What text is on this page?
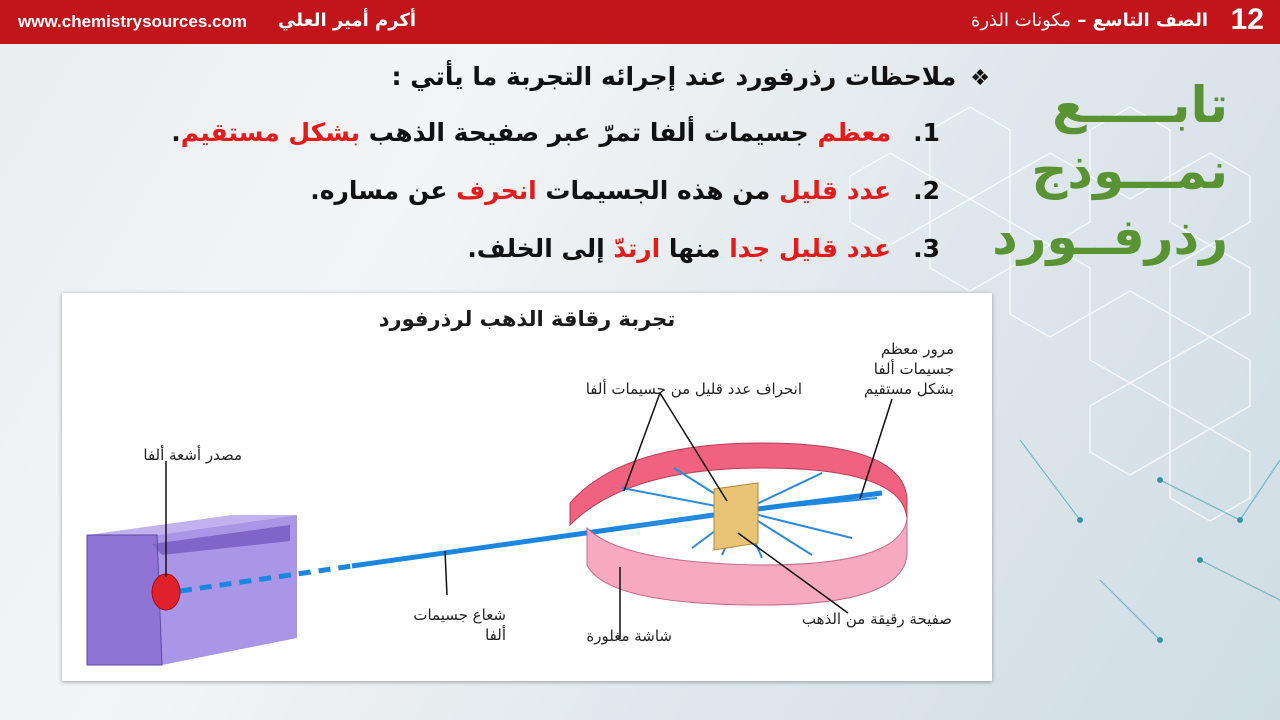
12
الصف التاسع – مكونات الذرة
أكرم أمير العلي
www.chemistrysources.com
تابـــــع
نمـــوذج
رذرفــورد
❖ملاحظات رذرفورد عند إجرائه التجربة ما يأتي :
1.معظم جسيمات ألفا تمرّ عبر صفيحة الذهب بشكل مستقيم.
2.عدد قليل من هذه الجسيمات انحرف عن مساره.
3.عدد قليل جدا منها ارتدّ إلى الخلف.
تجربة رقاقة الذهب لرذرفورد
مصدر أشعة ألفا
انحراف عدد قليل من جسيمات ألفا
مرور معظم
جسيمات ألفا
بشكل مستقيم
شعاع جسيمات
ألفا	شاشة مغلورة
صفيحة رقيقة من الذهب
